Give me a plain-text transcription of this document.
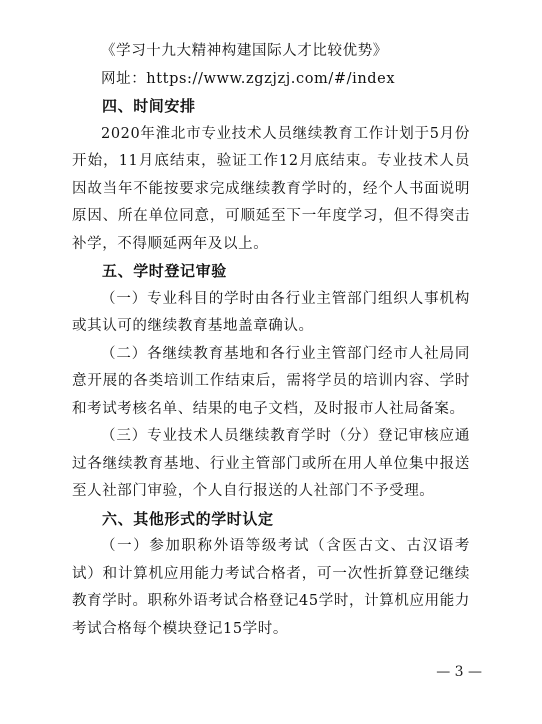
《学习十九大精神构建国际人才比较优势》
网址：https://www.zgzjzj.com/#/index

四、时间安排

2020年淮北市专业技术人员继续教育工作计划于5月份开始，11月底结束，验证工作12月底结束。专业技术人员因故当年不能按要求完成继续教育学时的，经个人书面说明原因、所在单位同意，可顺延至下一年度学习，但不得突击补学，不得顺延两年及以上。

五、学时登记审验

（一）专业科目的学时由各行业主管部门组织人事机构或其认可的继续教育基地盖章确认。

（二）各继续教育基地和各行业主管部门经市人社局同意开展的各类培训工作结束后，需将学员的培训内容、学时和考试考核名单、结果的电子文档，及时报市人社局备案。

（三）专业技术人员继续教育学时（分）登记审核应通过各继续教育基地、行业主管部门或所在用人单位集中报送至人社部门审验，个人自行报送的人社部门不予受理。

六、其他形式的学时认定

（一）参加职称外语等级考试（含医古文、古汉语考试）和计算机应用能力考试合格者，可一次性折算登记继续教育学时。职称外语考试合格登记45学时，计算机应用能力考试合格每个模块登记15学时。

— 3 —
